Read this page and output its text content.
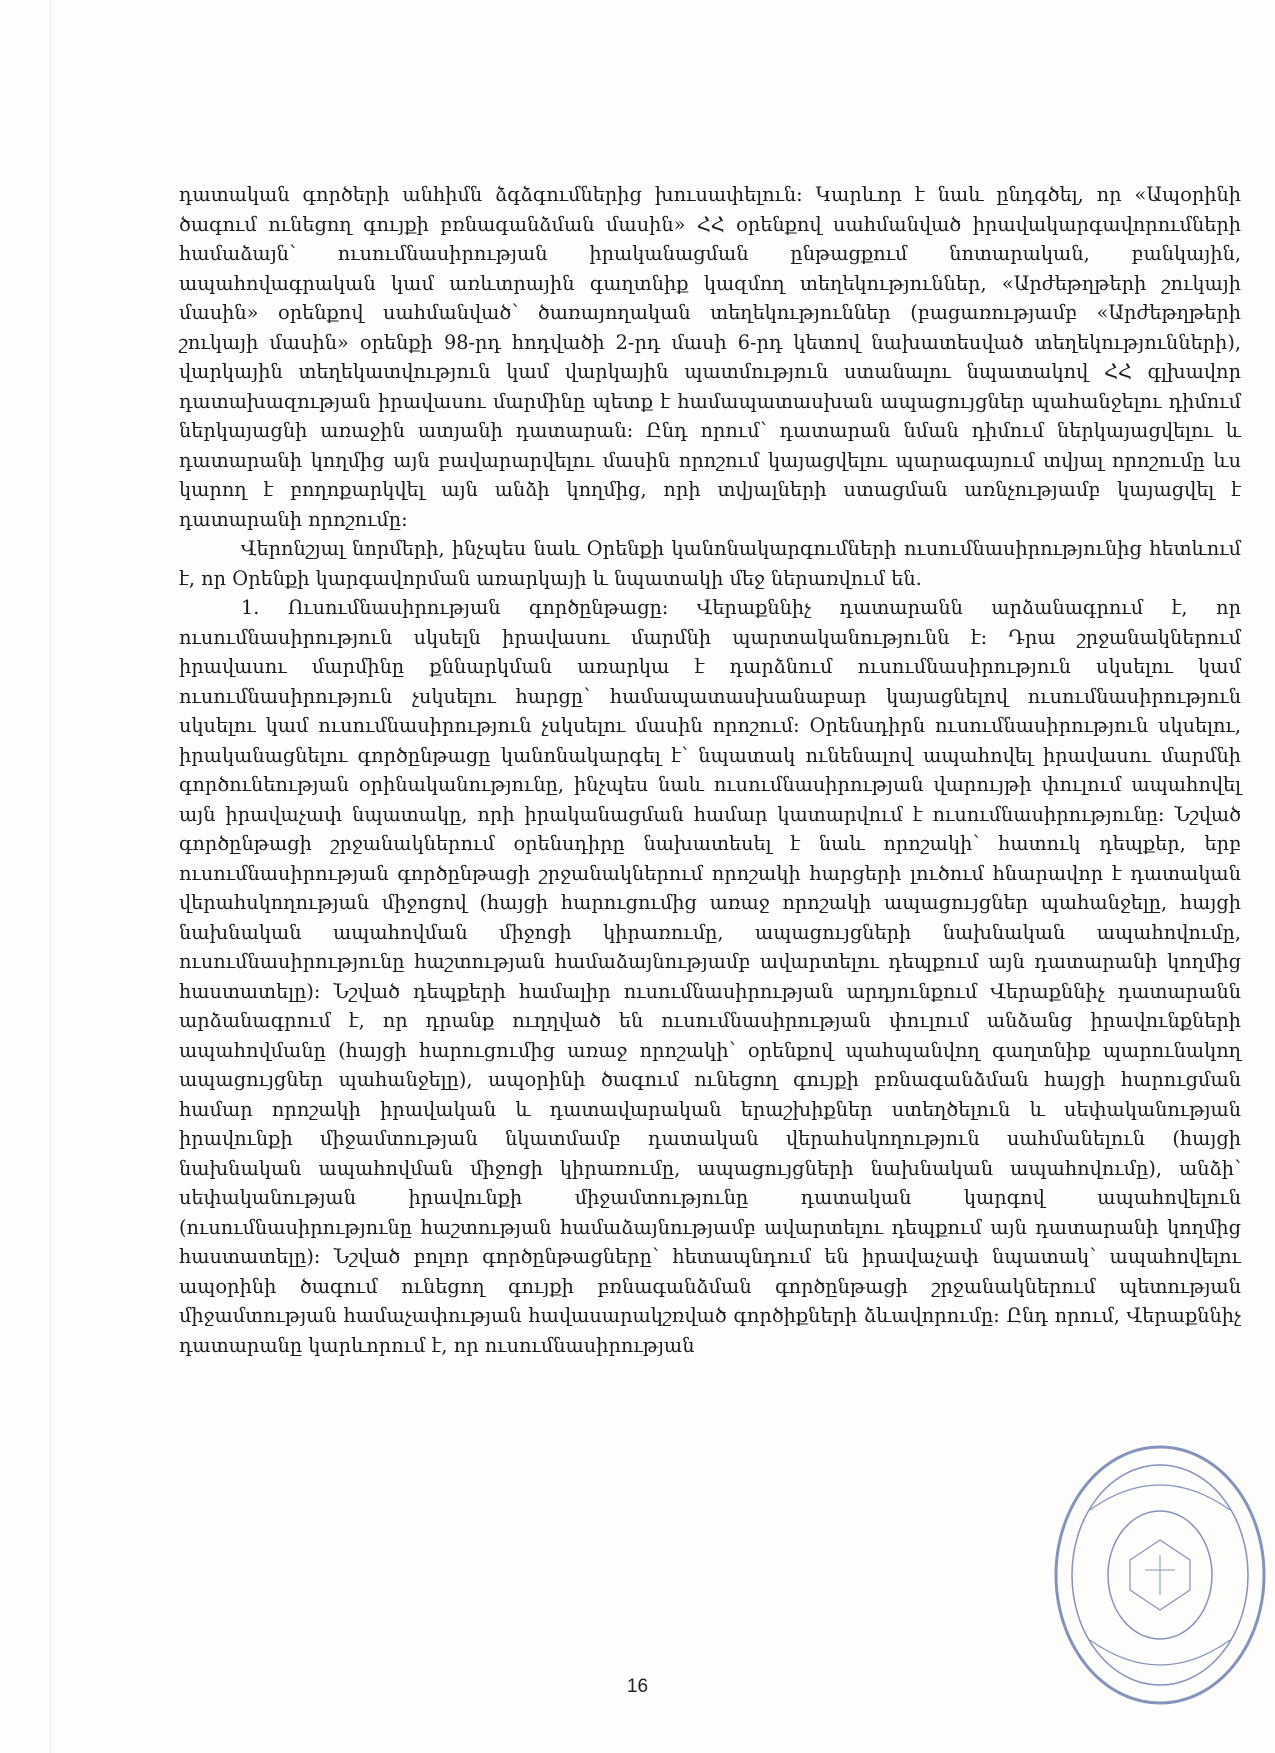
դատական գործերի անհիմն ձգձգումներից խուսափելուն: Կարևոր է նաև ընդգծել, որ «Ապօրինի ծագում ունեցող գույքի բռնագանձման մասին» ՀՀ օրենքով սահմանված իրավակարգավորումների համաձայն՝ ուսումնասիրության իրականացման ընթացքում նոտարական, բանկային, ապահովագրական կամ առևտրային գաղտնիք կազմող տեղեկություններ, «Արժեթղթերի շուկայի մասին» օրենքով սահմանված՝ ծառայողական տեղեկություններ (բացառությամբ «Արժեթղթերի շուկայի մասին» օրենքի 98-րդ հոդվածի 2-րդ մասի 6-րդ կետով նախատեսված տեղեկությունների), վարկային տեղեկատվություն կամ վարկային պատմություն ստանալու նպատակով ՀՀ գլխավոր դատախազության իրավասու մարմինը պետք է համապատասխան ապացույցներ պահանջելու դիմում ներկայացնի առաջին ատյանի դատարան: Ընդ որում՝ դատարան նման դիմում ներկայացվելու և դատարանի կողմից այն բավարարվելու մասին որոշում կայացվելու պարագայում տվյալ որոշումը ևս կարող է բողոքարկվել այն անձի կողմից, որի տվյալների ստացման առնչությամբ կայացվել է դատարանի որոշումը:

Վերոնշյալ նորմերի, ինչպես նաև Օրենքի կանոնակարգումների ուսումնասիրությունից հետևում է, որ Օրենքի կարգավորման առարկայի և նպատակի մեջ ներառվում են.

1. Ուսումնասիրության գործընթացը: Վերաքննիչ դատարանն արձանագրում է, որ ուսումնասիրություն սկսելն իրավասու մարմնի պարտականությունն է: Դրա շրջանակներում իրավասու մարմինը քննարկման առարկա է դարձնում ուսումնասիրություն սկսելու կամ ուսումնասիրություն չսկսելու հարցը՝ համապատասխանաբար կայացնելով ուսումնասիրություն սկսելու կամ ուսումնասիրություն չսկսելու մասին որոշում: Օրենսդիրն ուսումնասիրություն սկսելու, իրականացնելու գործընթացը կանոնակարգել է՝ նպատակ ունենալով ապահովել իրավասու մարմնի գործունեության օրինականությունը, ինչպես նաև ուսումնասիրության վարույթի փուլում ապահովել այն իրավաչափ նպատակը, որի իրականացման համար կատարվում է ուսումնասիրությունը: Նշված գործընթացի շրջանակներում օրենսդիրը նախատեսել է նաև որոշակի՝ հատուկ դեպքեր, երբ ուսումնասիրության գործընթացի շրջանակներում որոշակի հարցերի լուծում հնարավոր է դատական վերահսկողության միջոցով (հայցի հարուցումից առաջ որոշակի ապացույցներ պահանջելը, հայցի նախնական ապահովման միջոցի կիրառումը, ապացույցների նախնական ապահովումը, ուսումնասիրությունը հաշտության համաձայնությամբ ավարտելու դեպքում այն դատարանի կողմից հաստատելը): Նշված դեպքերի համալիր ուսումնասիրության արդյունքում Վերաքննիչ դատարանն արձանագրում է, որ դրանք ուղղված են ուսումնասիրության փուլում անձանց իրավունքների ապահովմանը (հայցի հարուցումից առաջ որոշակի՝ օրենքով պահպանվող գաղտնիք պարունակող ապացույցներ պահանջելը), ապօրինի ծագում ունեցող գույքի բռնագանձման հայցի հարուցման համար որոշակի իրավական և դատավարական երաշխիքներ ստեղծելուն և սեփականության իրավունքի միջամտության նկատմամբ դատական վերահսկողություն սահմանելուն (հայցի նախնական ապահովման միջոցի կիրառումը, ապացույցների նախնական ապահովումը), անձի՝ սեփականության իրավունքի միջամտությունը դատական կարգով ապահովելուն (ուսումնասիրությունը հաշտության համաձայնությամբ ավարտելու դեպքում այն դատարանի կողմից հաստատելը): Նշված բոլոր գործընթացները՝ հետապնդում են իրավաչափ նպատակ՝ ապահովելու ապօրինի ծագում ունեցող գույքի բռնագանձման գործընթացի շրջանակներում պետության միջամտության համաչափության հավասարակշռված գործիքների ձևավորումը: Ընդ որում, Վերաքննիչ դատարանը կարևորում է, որ ուսումնասիրության

16
